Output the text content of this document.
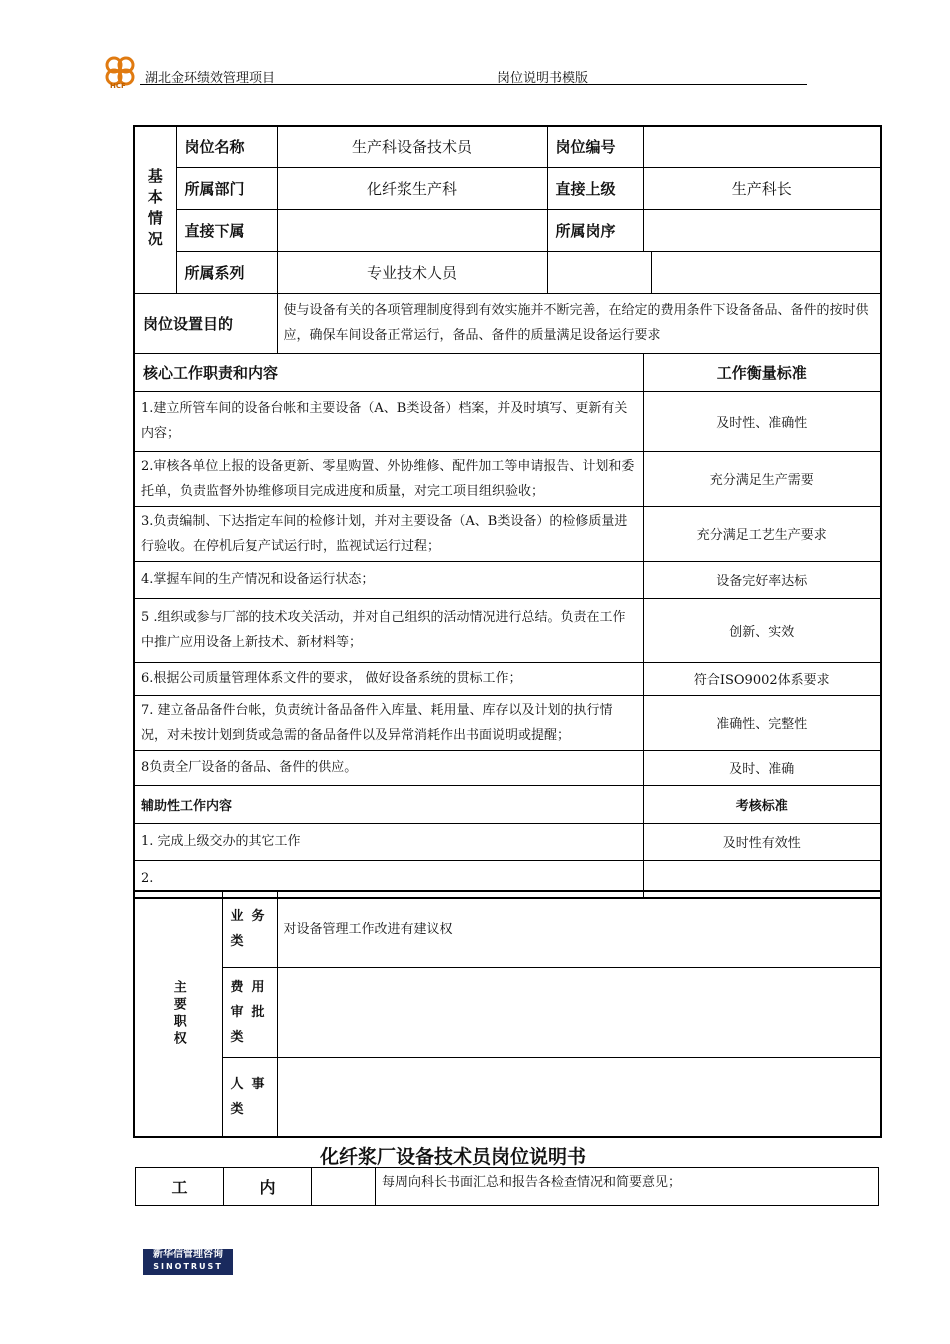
HCF 湖北金环绩效管理项目	岗位说明书模版
基本情况	岗位名称	生产科设备技术员	岗位编号		
	所属部门	化纤浆生产科	直接上级	生产科长	
	直接下属		所属岗序		
	所属系列	专业技术人员			
岗位设置目的		使与设备有关的各项管理制度得到有效实施并不断完善，在给定的费用条件下设备备品、备件的按时供应，确保车间设备正常运行，备品、备件的质量满足设备运行要求			
核心工作职责和内容				工作衡量标准	
1.建立所管车间的设备台帐和主要设备（A、B类设备）档案，并及时填写、更新有关内容；				及时性、准确性	
2.审核各单位上报的设备更新、零星购置、外协维修、配件加工等申请报告、计划和委托单，负责监督外协维修项目完成进度和质量，对完工项目组织验收；				充分满足生产需要	
3.负责编制、下达指定车间的检修计划，并对主要设备（A、B类设备）的检修质量进行验收。在停机后复产试运行时，监视试运行过程；				充分满足工艺生产要求	
4.掌握车间的生产情况和设备运行状态；				设备完好率达标	
5 .组织或参与厂部的技术攻关活动，并对自己组织的活动情况进行总结。负责在工作中推广应用设备上新技术、新材料等；				创新、实效	
6.根据公司质量管理体系文件的要求， 做好设备系统的贯标工作；				符合ISO9002体系要求	
7. 建立备品备件台帐，负责统计备品备件入库量、耗用量、库存以及计划的执行情况，对未按计划到货或急需的备品备件以及异常消耗作出书面说明或提醒；				准确性、完整性	
8负责全厂设备的备品、备件的供应。				及时、准确	
辅助性工作内容				考核标准	
1. 完成上级交办的其它工作				及时性有效性	
2.					
主要职权	业务类	对设备管理工作改进有建议权
	费用审批类	
	人事类	
化纤浆厂设备技术员岗位说明书
工	内		每周向科长书面汇总和报告各检查情况和简要意见；
新华信管理咨询
SINOTRUST
